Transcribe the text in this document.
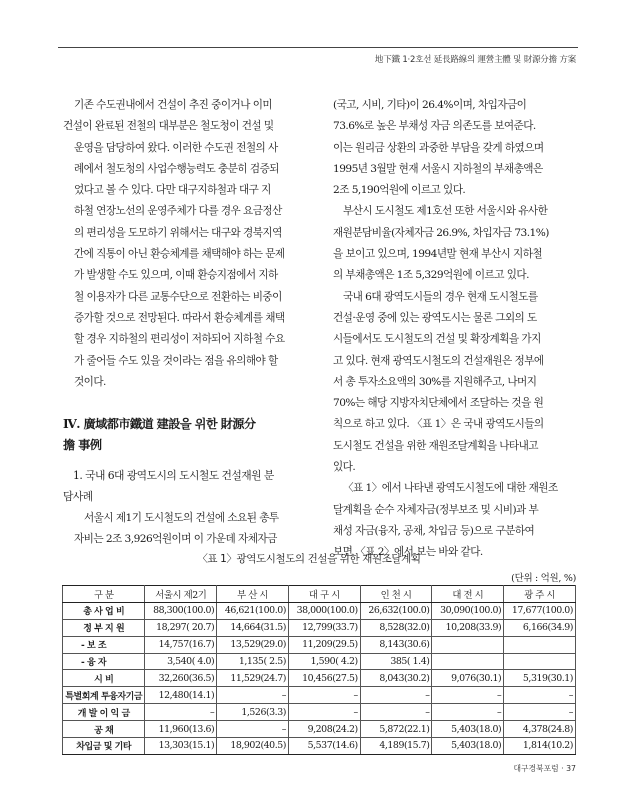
地下鐵 1·2호선 延長路線의 運營主體 및 財源分擔 方案

기존 수도권내에서 건설이 추진 중이거나 이미
건설이 완료된 전철의 대부분은 철도청이 건설 및
운영을 담당하여 왔다. 이러한 수도권 전철의 사
례에서 철도청의 사업수행능력도 충분히 검증되
었다고 볼 수 있다. 다만 대구지하철과 대구 지
하철 연장노선의 운영주체가 다를 경우 요금정산
의 편리성을 도모하기 위해서는 대구와 경북지역
간에 직통이 아닌 환승체계를 채택해야 하는 문제
가 발생할 수도 있으며, 이때 환승지점에서 지하
철 이용자가 다른 교통수단으로 전환하는 비중이
증가할 것으로 전망된다. 따라서 환승체계를 채택
할 경우 지하철의 편리성이 저하되어 지하철 수요
가 줄어들 수도 있을 것이라는 점을 유의해야 할
것이다.

Ⅳ. 廣域都市鐵道 建設을 위한 財源分
擔 事例
1. 국내 6대 광역도시의 도시철도 건설재원 분
담사례

서울시 제1기 도시철도의 건설에 소요된 총투
자비는 2조 3,926억원이며 이 가운데 자체자금

(국고, 시비, 기타)이 26.4%이며, 차입자금이
73.6%로 높은 부채성 자금 의존도를 보여준다.
이는 원리금 상환의 과중한 부담을 갖게 하였으며
1995년 3월말 현재 서울시 지하철의 부채총액은
2조 5,190억원에 이르고 있다.

부산시 도시철도 제1호선 또한 서울시와 유사한
재원분담비율(자체자금 26.9%, 차입자금 73.1%)
을 보이고 있으며, 1994년말 현재 부산시 지하철
의 부채총액은 1조 5,329억원에 이르고 있다.

국내 6대 광역도시들의 경우 현재 도시철도를
건설·운영 중에 있는 광역도시는 물론 그외의 도
시들에서도 도시철도의 건설 및 확장계획을 가지
고 있다. 현재 광역도시철도의 건설재원은 정부에
서 총 투자소요액의 30%를 지원해주고, 나머지
70%는 해당 지방자치단체에서 조달하는 것을 원
칙으로 하고 있다. 〈표 1〉은 국내 광역도시들의
도시철도 건설을 위한 재원조달계획을 나타내고
있다.

〈표 1〉에서 나타낸 광역도시철도에 대한 재원조
달계획을 순수 자체자금(정부보조 및 시비)과 부
채성 자금(융자, 공채, 차입금 등)으로 구분하여
보면 〈표 2〉에서 보는 바와 같다.

〈표 1〉광역도시철도의 건설을 위한 재원조달계획
(단위 : 억원, %)
구 분	서울시 제2기	부 산 시	대 구 시	인 천 시	대 전 시	광 주 시
총 사 업 비	88,300(100.0)	46,621(100.0)	38,000(100.0)	26,632(100.0)	30,090(100.0)	17,677(100.0)
정 부 지 원	18,297( 20.7)	14,664(31.5)	12,799(33.7)	8,528(32.0)	10,208(33.9)	6,166(34.9)
- 보 조	14,757(16.7)	13,529(29.0)	11,209(29.5)	8,143(30.6)		
- 융 자	3,540( 4.0)	1,135( 2.5)	1,590( 4.2)	385( 1.4)		
시 비	32,260(36.5)	11,529(24.7)	10,456(27.5)	8,043(30.2)	9,076(30.1)	5,319(30.1)
특별회계 투융자기금	12,480(14.1)	–	–	–	–	–
개 발 이 익 금	–	1,526(3.3)	–	–	–	–
공 채	11,960(13.6)	–	9,208(24.2)	5,872(22.1)	5,403(18.0)	4,378(24.8)
차입금 및 기타	13,303(15.1)	18,902(40.5)	5,537(14.6)	4,189(15.7)	5,403(18.0)	1,814(10.2)
대구경북포럼 · 37
